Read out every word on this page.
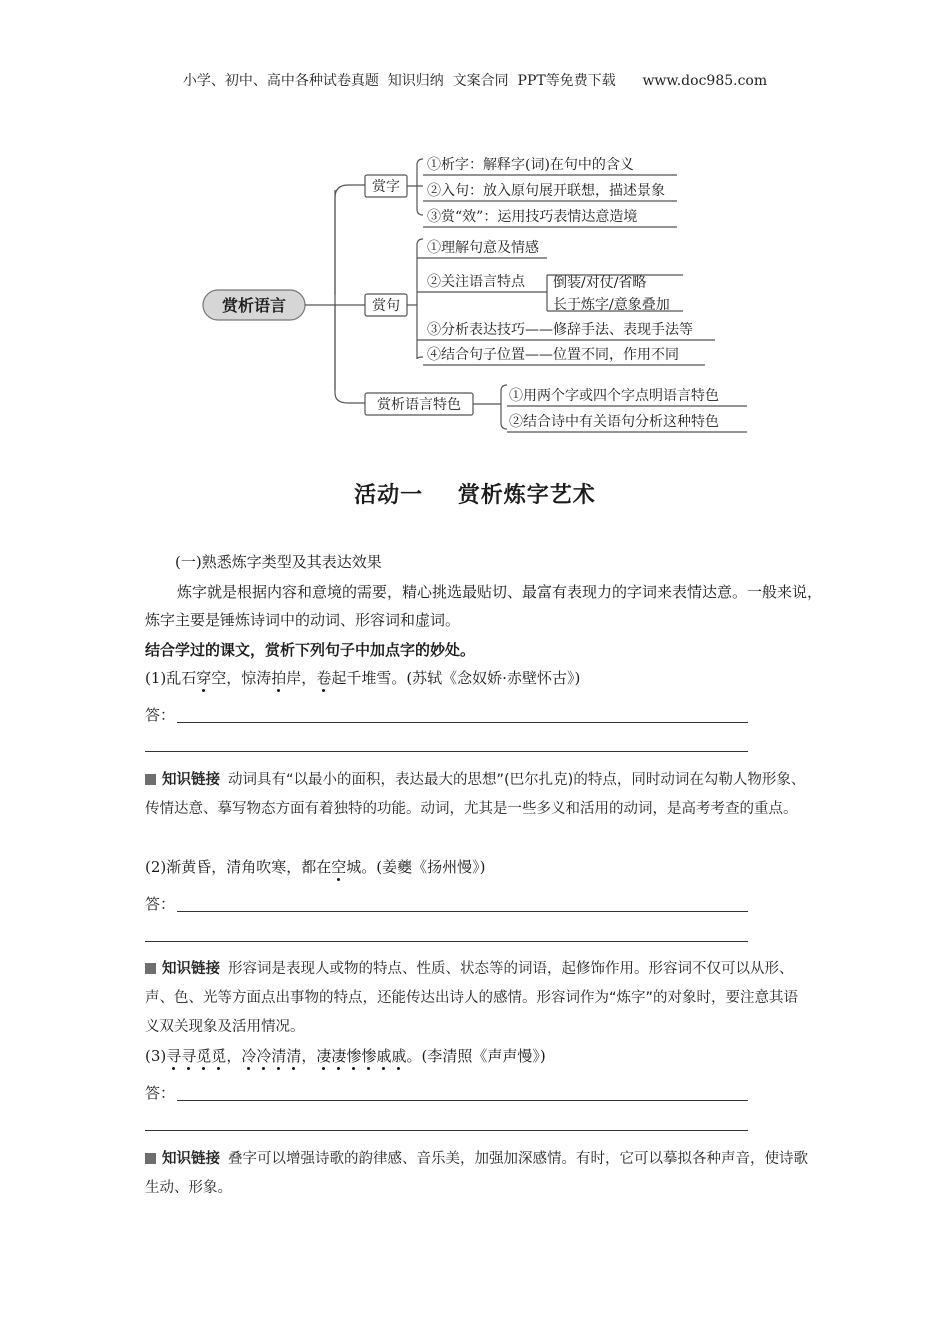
小学、初中、高中各种试卷真题  知识归纳  文案合同  PPT等免费下载      www.doc985.com
赏析语言
赏字
①析字：解释字(词)在句中的含义
②入句：放入原句展开联想，描述景象
③赏“效”：运用技巧表情达意造境
赏句
①理解句意及情感
②关注语言特点 倒装/对仗/省略
长于炼字/意象叠加
③分析表达技巧——修辞手法、表现手法等
④结合句子位置——位置不同，作用不同
赏析语言特色
①用两个字或四个字点明语言特色
②结合诗中有关语句分析这种特色
活动一    赏析炼字艺术
(一)熟悉炼字类型及其表达效果
炼字就是根据内容和意境的需要，精心挑选最贴切、最富有表现力的字词来表情达意。一般来说，炼字主要是锤炼诗词中的动词、形容词和虚词。
结合学过的课文，赏析下列句子中加点字的妙处。
(1)乱石穿空，惊涛拍岸，卷起千堆雪。(苏轼《念奴娇·赤壁怀古》)
答：
知识链接 动词具有“以最小的面积，表达最大的思想”(巴尔扎克)的特点，同时动词在勾勒人物形象、传情达意、摹写物态方面有着独特的功能。动词，尤其是一些多义和活用的动词，是高考考查的重点。
(2)渐黄昏，清角吹寒，都在空城。(姜夔《扬州慢》)
答：
知识链接 形容词是表现人或物的特点、性质、状态等的词语，起修饰作用。形容词不仅可以从形、声、色、光等方面点出事物的特点，还能传达出诗人的感情。形容词作为“炼字”的对象时，要注意其语义双关现象及活用情况。
(3)寻寻觅觅，冷冷清清，凄凄惨惨戚戚。(李清照《声声慢》)
答：
知识链接 叠字可以增强诗歌的韵律感、音乐美，加强加深感情。有时，它可以摹拟各种声音，使诗歌生动、形象。
